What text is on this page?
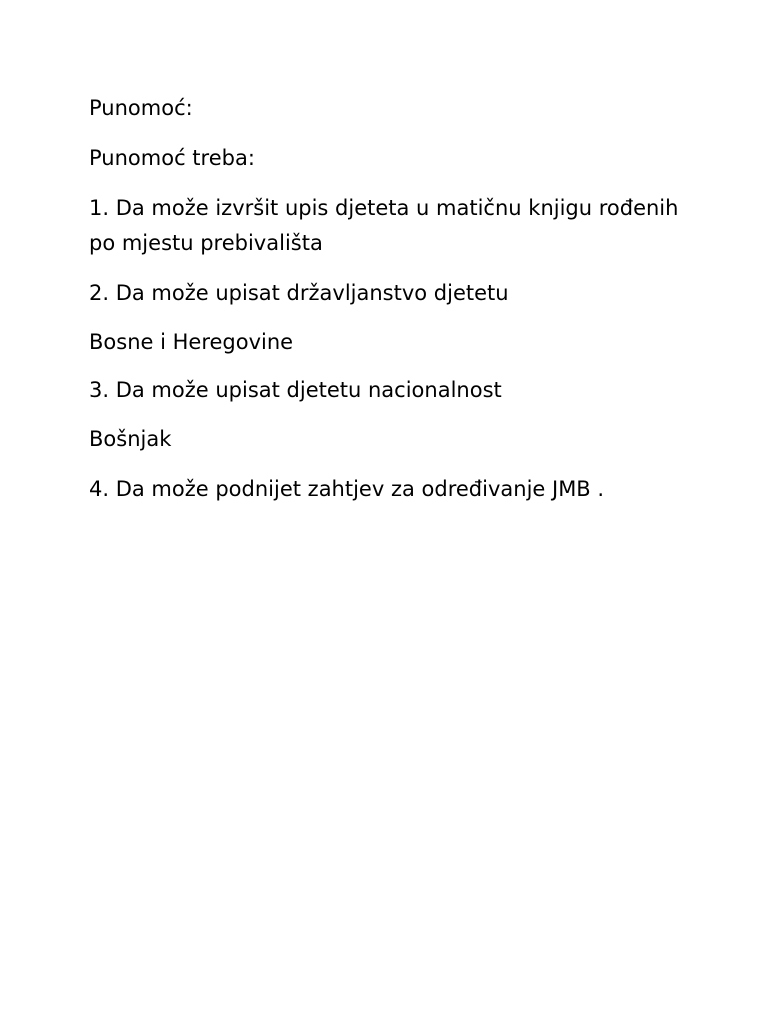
Punomoć:

Punomoć treba:

1. Da može izvršit upis djeteta u matičnu knjigu rođenih

po mjestu prebivališta

2. Da može upisat državljanstvo djetetu

Bosne i Heregovine

3. Da može upisat djetetu nacionalnost

Bošnjak

4. Da može podnijet zahtjev za određivanje JMB .
